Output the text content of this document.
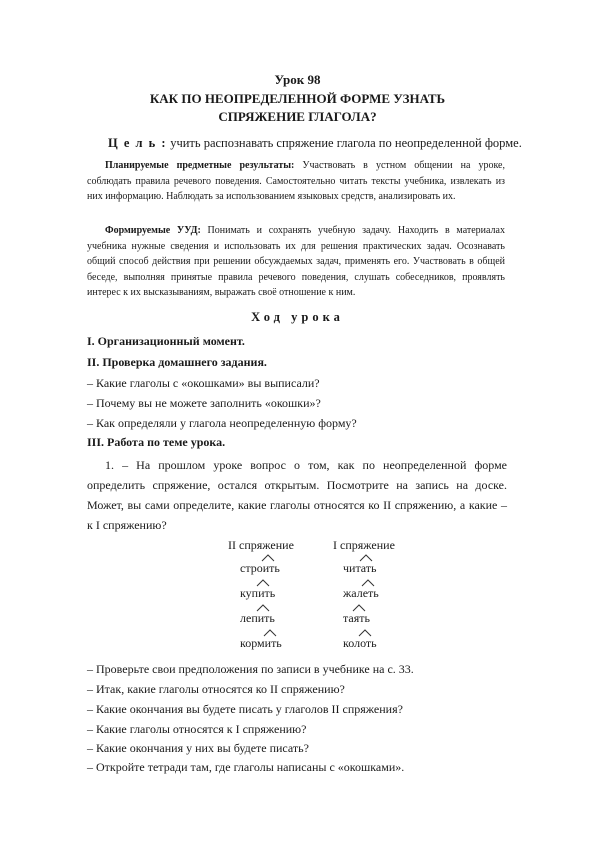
Урок 98
КАК ПО НЕОПРЕДЕЛЕННОЙ ФОРМЕ УЗНАТЬ
СПРЯЖЕНИЕ ГЛАГОЛА?
Ц е л ь : учить распознавать спряжение глагола по неопределенной форме.
Планируемые предметные результаты: Участвовать в устном общении на уроке, соблюдать правила речевого поведения. Самостоятельно читать тексты учебника, извлекать из них информацию. Наблюдать за использованием языковых средств, анализировать их.
Формируемые УУД: Понимать и сохранять учебную задачу. Находить в материалах учебника нужные сведения и использовать их для решения практических задач. Осознавать общий способ действия при решении обсуждаемых задач, применять его. Участвовать в общей беседе, выполняя принятые правила речевого поведения, слушать собеседников, проявлять интерес к их высказываниям, выражать своё отношение к ним.
Ход урока
I. Организационный момент.
II. Проверка домашнего задания.
– Какие глаголы с «окошками» вы выписали?
– Почему вы не можете заполнить «окошки»?
– Как определяли у глагола неопределенную форму?
III. Работа по теме урока.
1. – На прошлом уроке вопрос о том, как по неопределенной форме определить спряжение, остался открытым. Посмотрите на запись на доске. Может, вы сами определите, какие глаголы относятся ко II спряжению, а какие – к I спряжению?
II спряжение	I спряжение
строить
купить
лепить
кормить
читать
жалеть
таять
колоть
– Проверьте свои предположения по записи в учебнике на с. 33.
– Итак, какие глаголы относятся ко II спряжению?
– Какие окончания вы будете писать у глаголов II спряжения?
– Какие глаголы относятся к I спряжению?
– Какие окончания у них вы будете писать?
– Откройте тетради там, где глаголы написаны с «окошками».
